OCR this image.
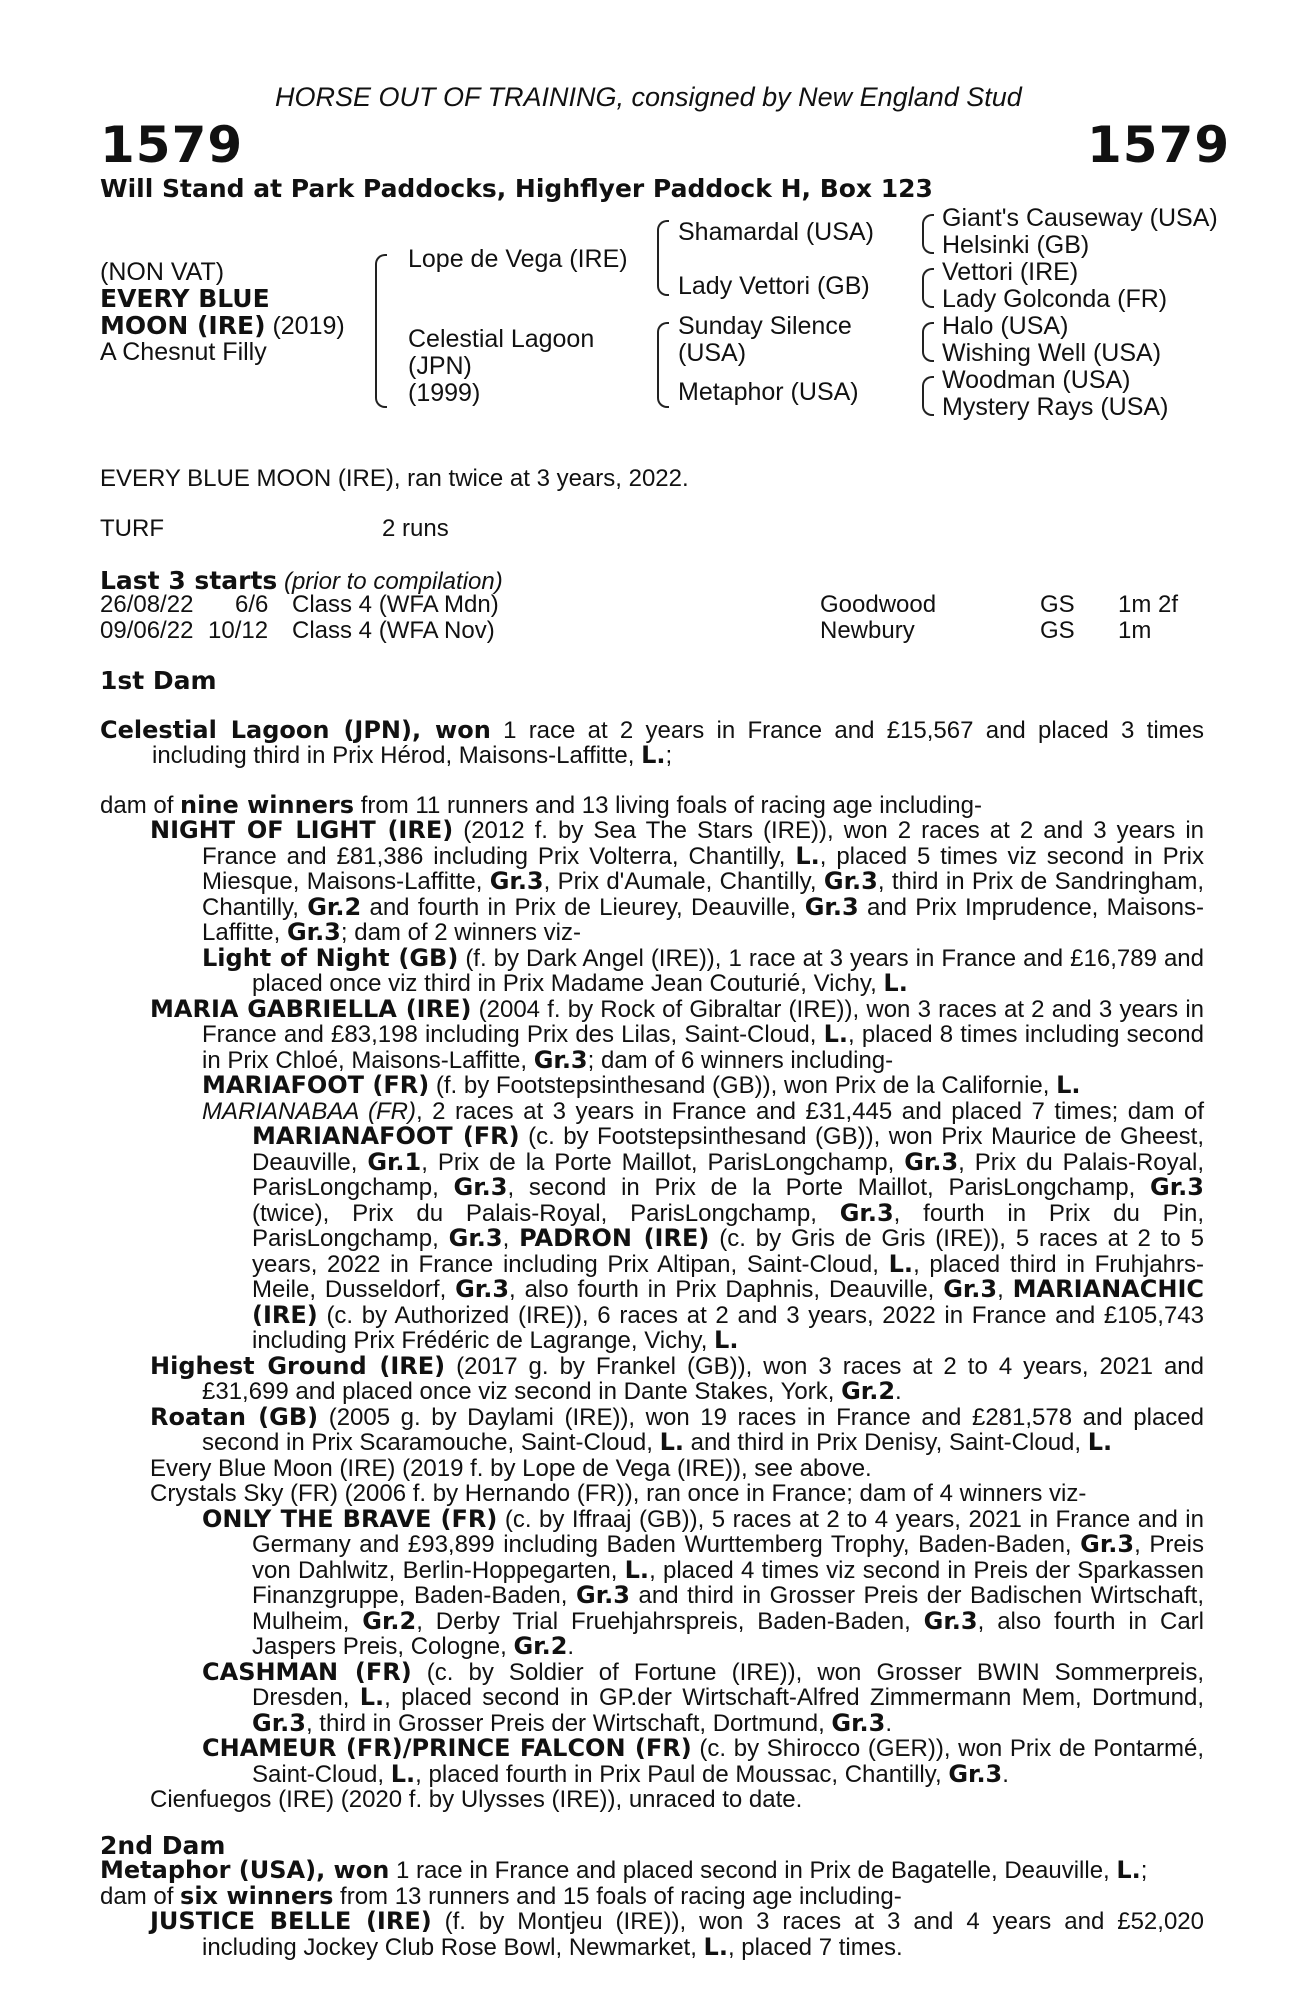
HORSE OUT OF TRAINING, consigned by New England Stud
1579	1579
Will Stand at Park Paddocks, Highflyer Paddock H, Box 123
(NON VAT)
EVERY BLUE
MOON (IRE) (2019)
A Chesnut Filly
Lope de Vega (IRE)
Celestial Lagoon
(JPN)
(1999)
Shamardal (USA)
Lady Vettori (GB)
Sunday Silence
(USA)
Metaphor (USA)
Giant's Causeway (USA)
Helsinki (GB)
Vettori (IRE)
Lady Golconda (FR)
Halo (USA)
Wishing Well (USA)
Woodman (USA)
Mystery Rays (USA)
EVERY BLUE MOON (IRE), ran twice at 3 years, 2022.
TURF	2 runs
Last 3 starts (prior to compilation)
26/08/22 6/6 Class 4 (WFA Mdn)	Goodwood	GS 1m 2f
09/06/22 10/12 Class 4 (WFA Nov)	Newbury	GS 1m
1st Dam

Celestial Lagoon (JPN), won 1 race at 2 years in France and £15,567 and placed 3 times including third in Prix Hérod, Maisons-Laffitte, L.;

dam of nine winners from 11 runners and 13 living foals of racing age including-

NIGHT OF LIGHT (IRE) (2012 f. by Sea The Stars (IRE)), won 2 races at 2 and 3 years in France and £81,386 including Prix Volterra, Chantilly, L., placed 5 times viz second in Prix Miesque, Maisons-Laffitte, Gr.3, Prix d'Aumale, Chantilly, Gr.3, third in Prix de Sandringham, Chantilly, Gr.2 and fourth in Prix de Lieurey, Deauville, Gr.3 and Prix Imprudence, Maisons-Laffitte, Gr.3; dam of 2 winners viz-

Light of Night (GB) (f. by Dark Angel (IRE)), 1 race at 3 years in France and £16,789 and placed once viz third in Prix Madame Jean Couturié, Vichy, L.

MARIA GABRIELLA (IRE) (2004 f. by Rock of Gibraltar (IRE)), won 3 races at 2 and 3 years in France and £83,198 including Prix des Lilas, Saint-Cloud, L., placed 8 times including second in Prix Chloé, Maisons-Laffitte, Gr.3; dam of 6 winners including-

MARIAFOOT (FR) (f. by Footstepsinthesand (GB)), won Prix de la Californie, L.

MARIANABAA (FR), 2 races at 3 years in France and £31,445 and placed 7 times; dam of MARIANAFOOT (FR) (c. by Footstepsinthesand (GB)), won Prix Maurice de Gheest, Deauville, Gr.1, Prix de la Porte Maillot, ParisLongchamp, Gr.3, Prix du Palais-Royal, ParisLongchamp, Gr.3, second in Prix de la Porte Maillot, ParisLongchamp, Gr.3 (twice), Prix du Palais-Royal, ParisLongchamp, Gr.3, fourth in Prix du Pin, ParisLongchamp, Gr.3, PADRON (IRE) (c. by Gris de Gris (IRE)), 5 races at 2 to 5 years, 2022 in France including Prix Altipan, Saint-Cloud, L., placed third in Fruhjahrs-Meile, Dusseldorf, Gr.3, also fourth in Prix Daphnis, Deauville, Gr.3, MARIANACHIC (IRE) (c. by Authorized (IRE)), 6 races at 2 and 3 years, 2022 in France and £105,743 including Prix Frédéric de Lagrange, Vichy, L.

Highest Ground (IRE) (2017 g. by Frankel (GB)), won 3 races at 2 to 4 years, 2021 and £31,699 and placed once viz second in Dante Stakes, York, Gr.2.

Roatan (GB) (2005 g. by Daylami (IRE)), won 19 races in France and £281,578 and placed second in Prix Scaramouche, Saint-Cloud, L. and third in Prix Denisy, Saint-Cloud, L.

Every Blue Moon (IRE) (2019 f. by Lope de Vega (IRE)), see above.

Crystals Sky (FR) (2006 f. by Hernando (FR)), ran once in France; dam of 4 winners viz-

ONLY THE BRAVE (FR) (c. by Iffraaj (GB)), 5 races at 2 to 4 years, 2021 in France and in Germany and £93,899 including Baden Wurttemberg Trophy, Baden-Baden, Gr.3, Preis von Dahlwitz, Berlin-Hoppegarten, L., placed 4 times viz second in Preis der Sparkassen Finanzgruppe, Baden-Baden, Gr.3 and third in Grosser Preis der Badischen Wirtschaft, Mulheim, Gr.2, Derby Trial Fruehjahrspreis, Baden-Baden, Gr.3, also fourth in Carl Jaspers Preis, Cologne, Gr.2.

CASHMAN (FR) (c. by Soldier of Fortune (IRE)), won Grosser BWIN Sommerpreis, Dresden, L., placed second in GP.der Wirtschaft-Alfred Zimmermann Mem, Dortmund, Gr.3, third in Grosser Preis der Wirtschaft, Dortmund, Gr.3.

CHAMEUR (FR)/PRINCE FALCON (FR) (c. by Shirocco (GER)), won Prix de Pontarmé, Saint-Cloud, L., placed fourth in Prix Paul de Moussac, Chantilly, Gr.3.

Cienfuegos (IRE) (2020 f. by Ulysses (IRE)), unraced to date.

2nd Dam

Metaphor (USA), won 1 race in France and placed second in Prix de Bagatelle, Deauville, L.;

dam of six winners from 13 runners and 15 foals of racing age including-

JUSTICE BELLE (IRE) (f. by Montjeu (IRE)), won 3 races at 3 and 4 years and £52,020 including Jockey Club Rose Bowl, Newmarket, L., placed 7 times.
